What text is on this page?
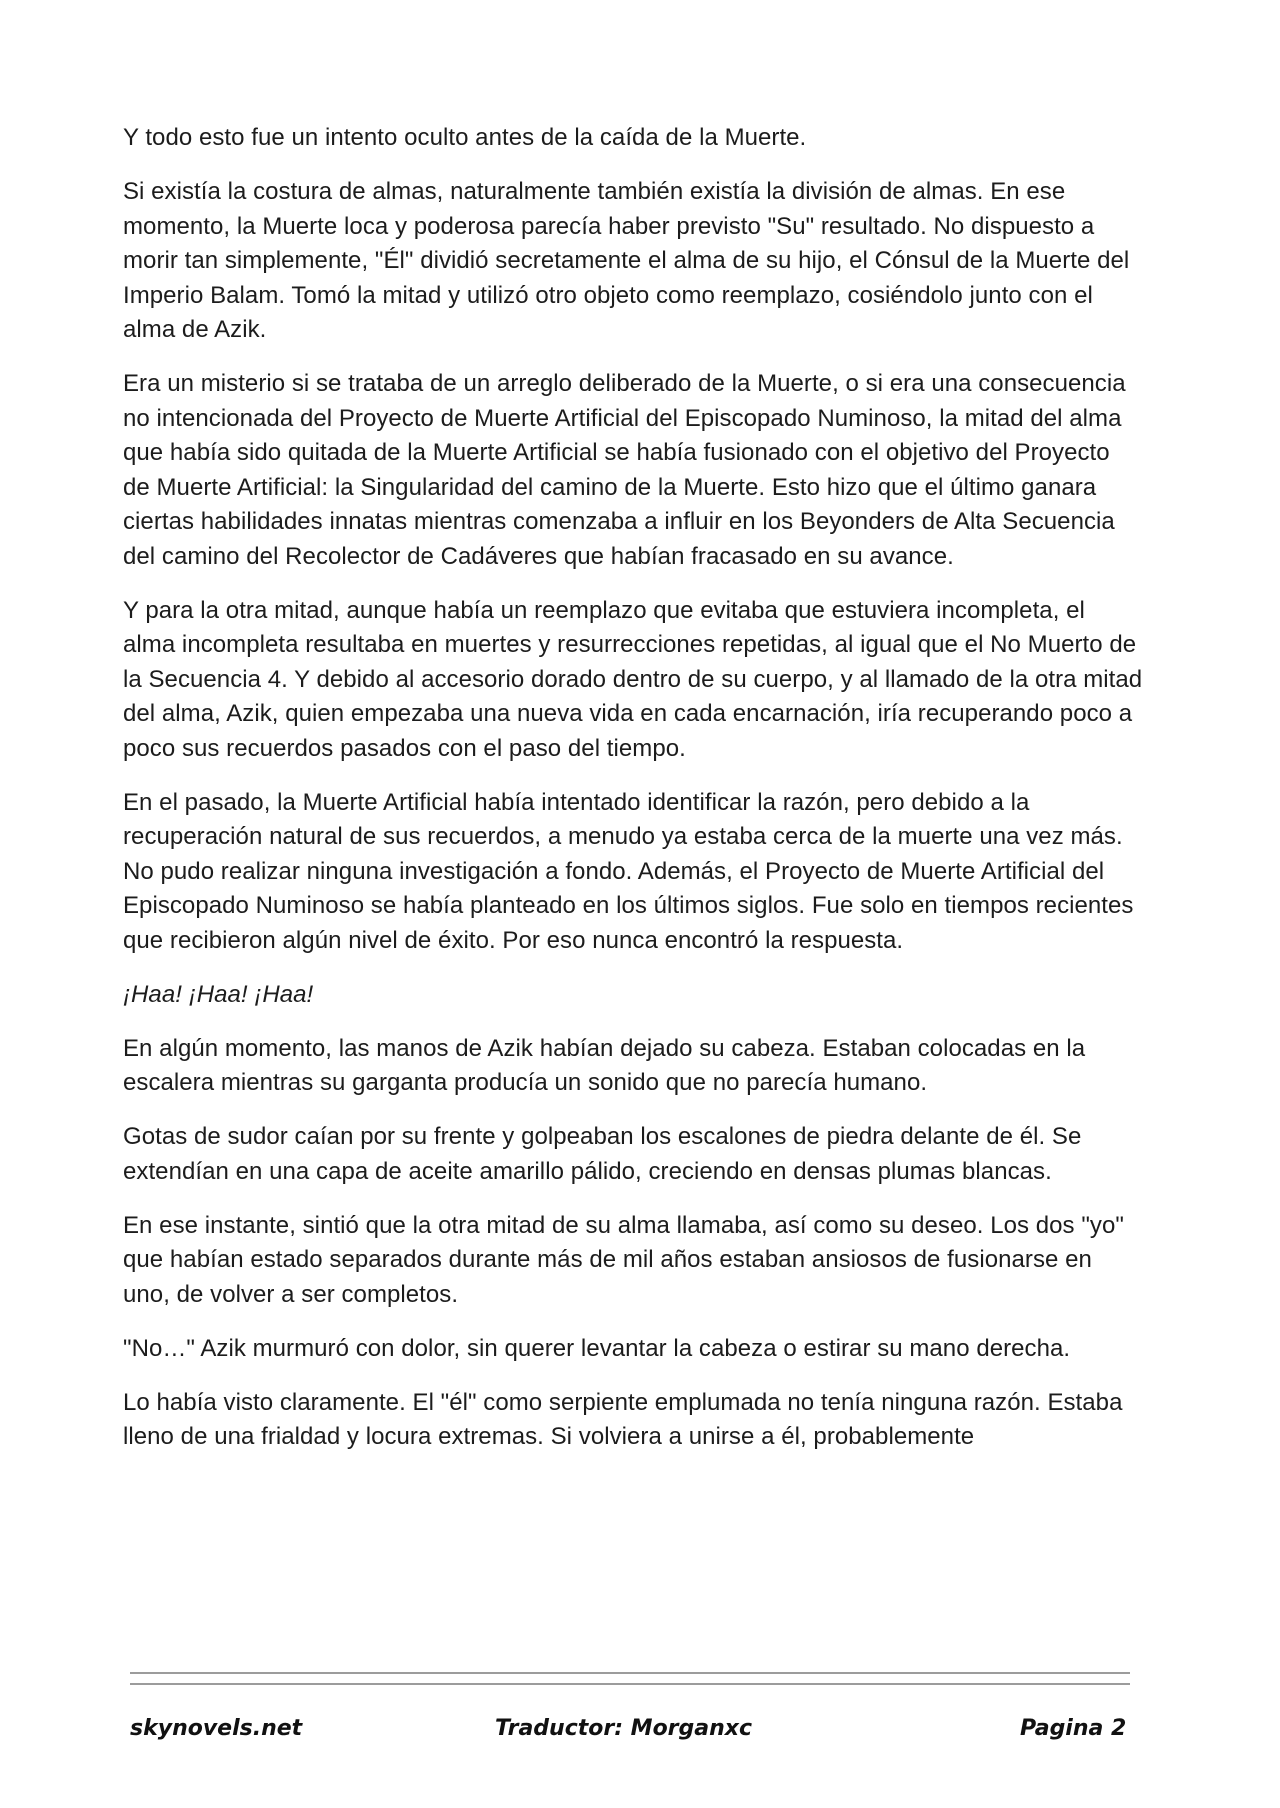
Y todo esto fue un intento oculto antes de la caída de la Muerte.

Si existía la costura de almas, naturalmente también existía la división de almas. En ese momento, la Muerte loca y poderosa parecía haber previsto "Su" resultado. No dispuesto a morir tan simplemente, "Él" dividió secretamente el alma de su hijo, el Cónsul de la Muerte del Imperio Balam. Tomó la mitad y utilizó otro objeto como reemplazo, cosiéndolo junto con el alma de Azik.

Era un misterio si se trataba de un arreglo deliberado de la Muerte, o si era una consecuencia no intencionada del Proyecto de Muerte Artificial del Episcopado Numinoso, la mitad del alma que había sido quitada de la Muerte Artificial se había fusionado con el objetivo del Proyecto de Muerte Artificial: la Singularidad del camino de la Muerte. Esto hizo que el último ganara ciertas habilidades innatas mientras comenzaba a influir en los Beyonders de Alta Secuencia del camino del Recolector de Cadáveres que habían fracasado en su avance.

Y para la otra mitad, aunque había un reemplazo que evitaba que estuviera incompleta, el alma incompleta resultaba en muertes y resurrecciones repetidas, al igual que el No Muerto de la Secuencia 4. Y debido al accesorio dorado dentro de su cuerpo, y al llamado de la otra mitad del alma, Azik, quien empezaba una nueva vida en cada encarnación, iría recuperando poco a poco sus recuerdos pasados con el paso del tiempo.

En el pasado, la Muerte Artificial había intentado identificar la razón, pero debido a la recuperación natural de sus recuerdos, a menudo ya estaba cerca de la muerte una vez más. No pudo realizar ninguna investigación a fondo. Además, el Proyecto de Muerte Artificial del Episcopado Numinoso se había planteado en los últimos siglos. Fue solo en tiempos recientes que recibieron algún nivel de éxito. Por eso nunca encontró la respuesta.

¡Haa! ¡Haa! ¡Haa!

En algún momento, las manos de Azik habían dejado su cabeza. Estaban colocadas en la escalera mientras su garganta producía un sonido que no parecía humano.

Gotas de sudor caían por su frente y golpeaban los escalones de piedra delante de él. Se extendían en una capa de aceite amarillo pálido, creciendo en densas plumas blancas.

En ese instante, sintió que la otra mitad de su alma llamaba, así como su deseo. Los dos "yo" que habían estado separados durante más de mil años estaban ansiosos de fusionarse en uno, de volver a ser completos.

"No…" Azik murmuró con dolor, sin querer levantar la cabeza o estirar su mano derecha.

Lo había visto claramente. El "él" como serpiente emplumada no tenía ninguna razón. Estaba lleno de una frialdad y locura extremas. Si volviera a unirse a él, probablemente

skynovels.net	Traductor: Morganxc	Pagina 2
